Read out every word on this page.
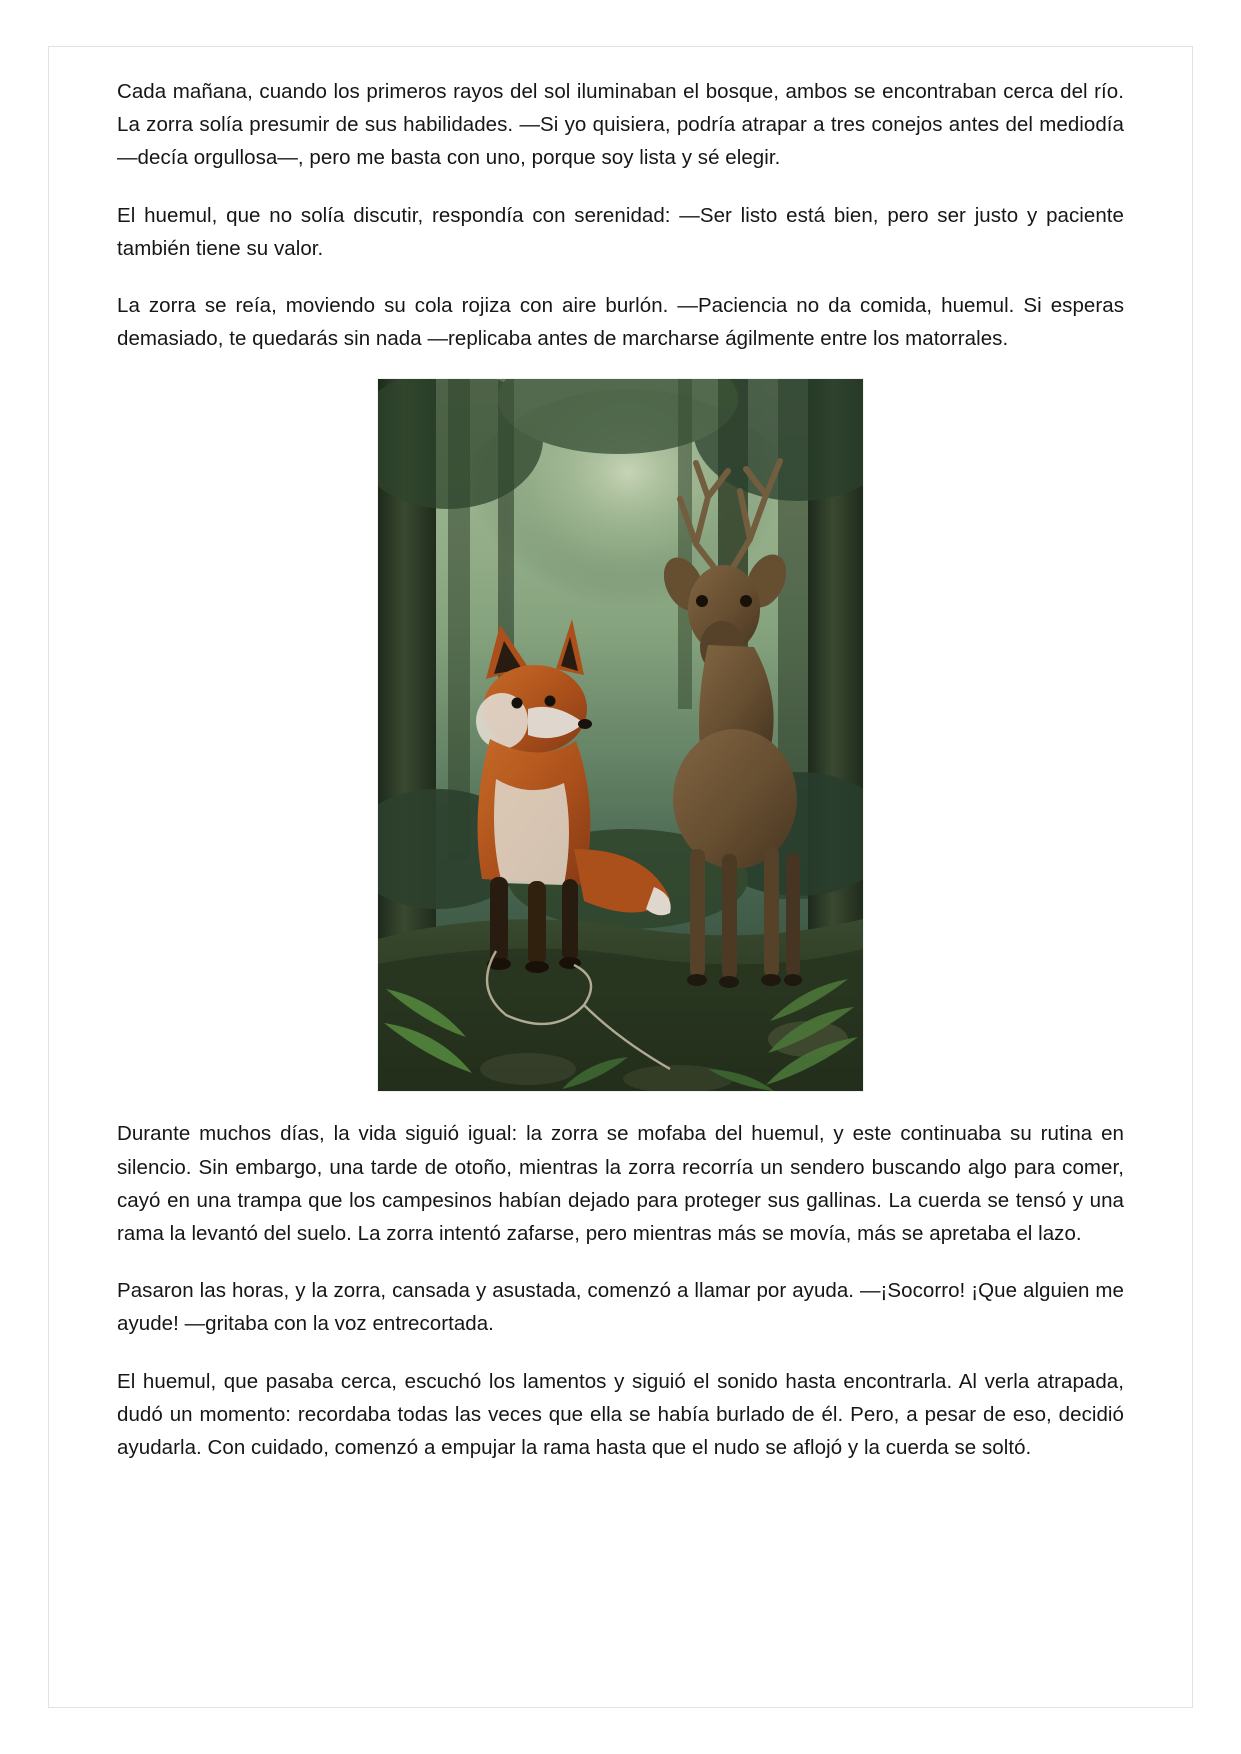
Cada mañana, cuando los primeros rayos del sol iluminaban el bosque, ambos se encontraban cerca del río. La zorra solía presumir de sus habilidades. —Si yo quisiera, podría atrapar a tres conejos antes del mediodía —decía orgullosa—, pero me basta con uno, porque soy lista y sé elegir.

El huemul, que no solía discutir, respondía con serenidad: —Ser listo está bien, pero ser justo y paciente también tiene su valor.

La zorra se reía, moviendo su cola rojiza con aire burlón. —Paciencia no da comida, huemul. Si esperas demasiado, te quedarás sin nada —replicaba antes de marcharse ágilmente entre los matorrales.

Durante muchos días, la vida siguió igual: la zorra se mofaba del huemul, y este continuaba su rutina en silencio. Sin embargo, una tarde de otoño, mientras la zorra recorría un sendero buscando algo para comer, cayó en una trampa que los campesinos habían dejado para proteger sus gallinas. La cuerda se tensó y una rama la levantó del suelo. La zorra intentó zafarse, pero mientras más se movía, más se apretaba el lazo.

Pasaron las horas, y la zorra, cansada y asustada, comenzó a llamar por ayuda. —¡Socorro! ¡Que alguien me ayude! —gritaba con la voz entrecortada.

El huemul, que pasaba cerca, escuchó los lamentos y siguió el sonido hasta encontrarla. Al verla atrapada, dudó un momento: recordaba todas las veces que ella se había burlado de él. Pero, a pesar de eso, decidió ayudarla. Con cuidado, comenzó a empujar la rama hasta que el nudo se aflojó y la cuerda se soltó.
